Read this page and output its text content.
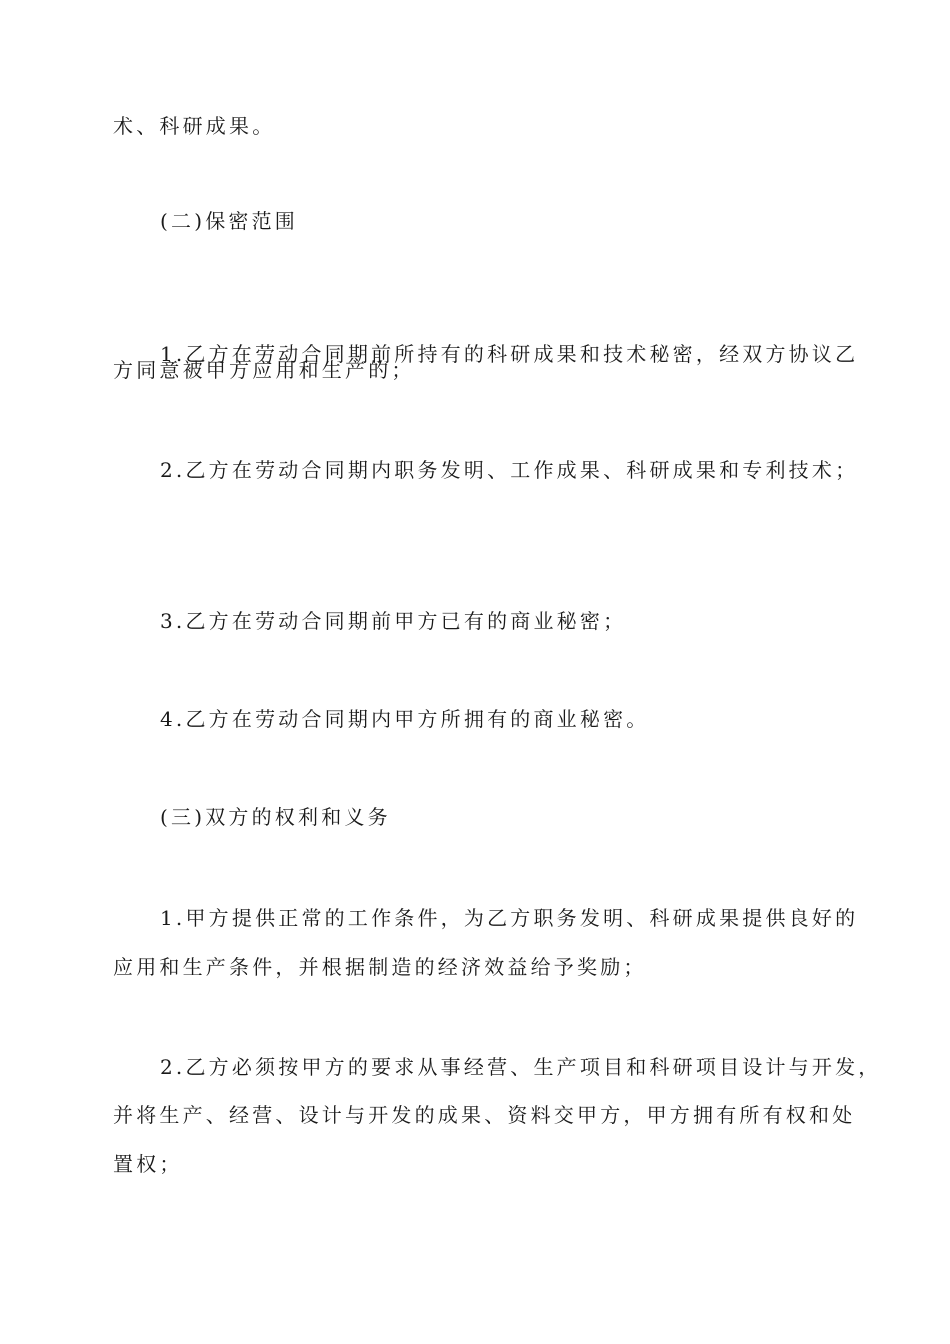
术、科研成果。
(二)保密范围
1.乙方在劳动合同期前所持有的科研成果和技术秘密，经双方协议乙
方同意被甲方应用和生产的；
2.乙方在劳动合同期内职务发明、工作成果、科研成果和专利技术；
3.乙方在劳动合同期前甲方已有的商业秘密；
4.乙方在劳动合同期内甲方所拥有的商业秘密。
(三)双方的权利和义务
1.甲方提供正常的工作条件，为乙方职务发明、科研成果提供良好的
应用和生产条件，并根据制造的经济效益给予奖励；
2.乙方必须按甲方的要求从事经营、生产项目和科研项目设计与开发，
并将生产、经营、设计与开发的成果、资料交甲方，甲方拥有所有权和处
置权；
